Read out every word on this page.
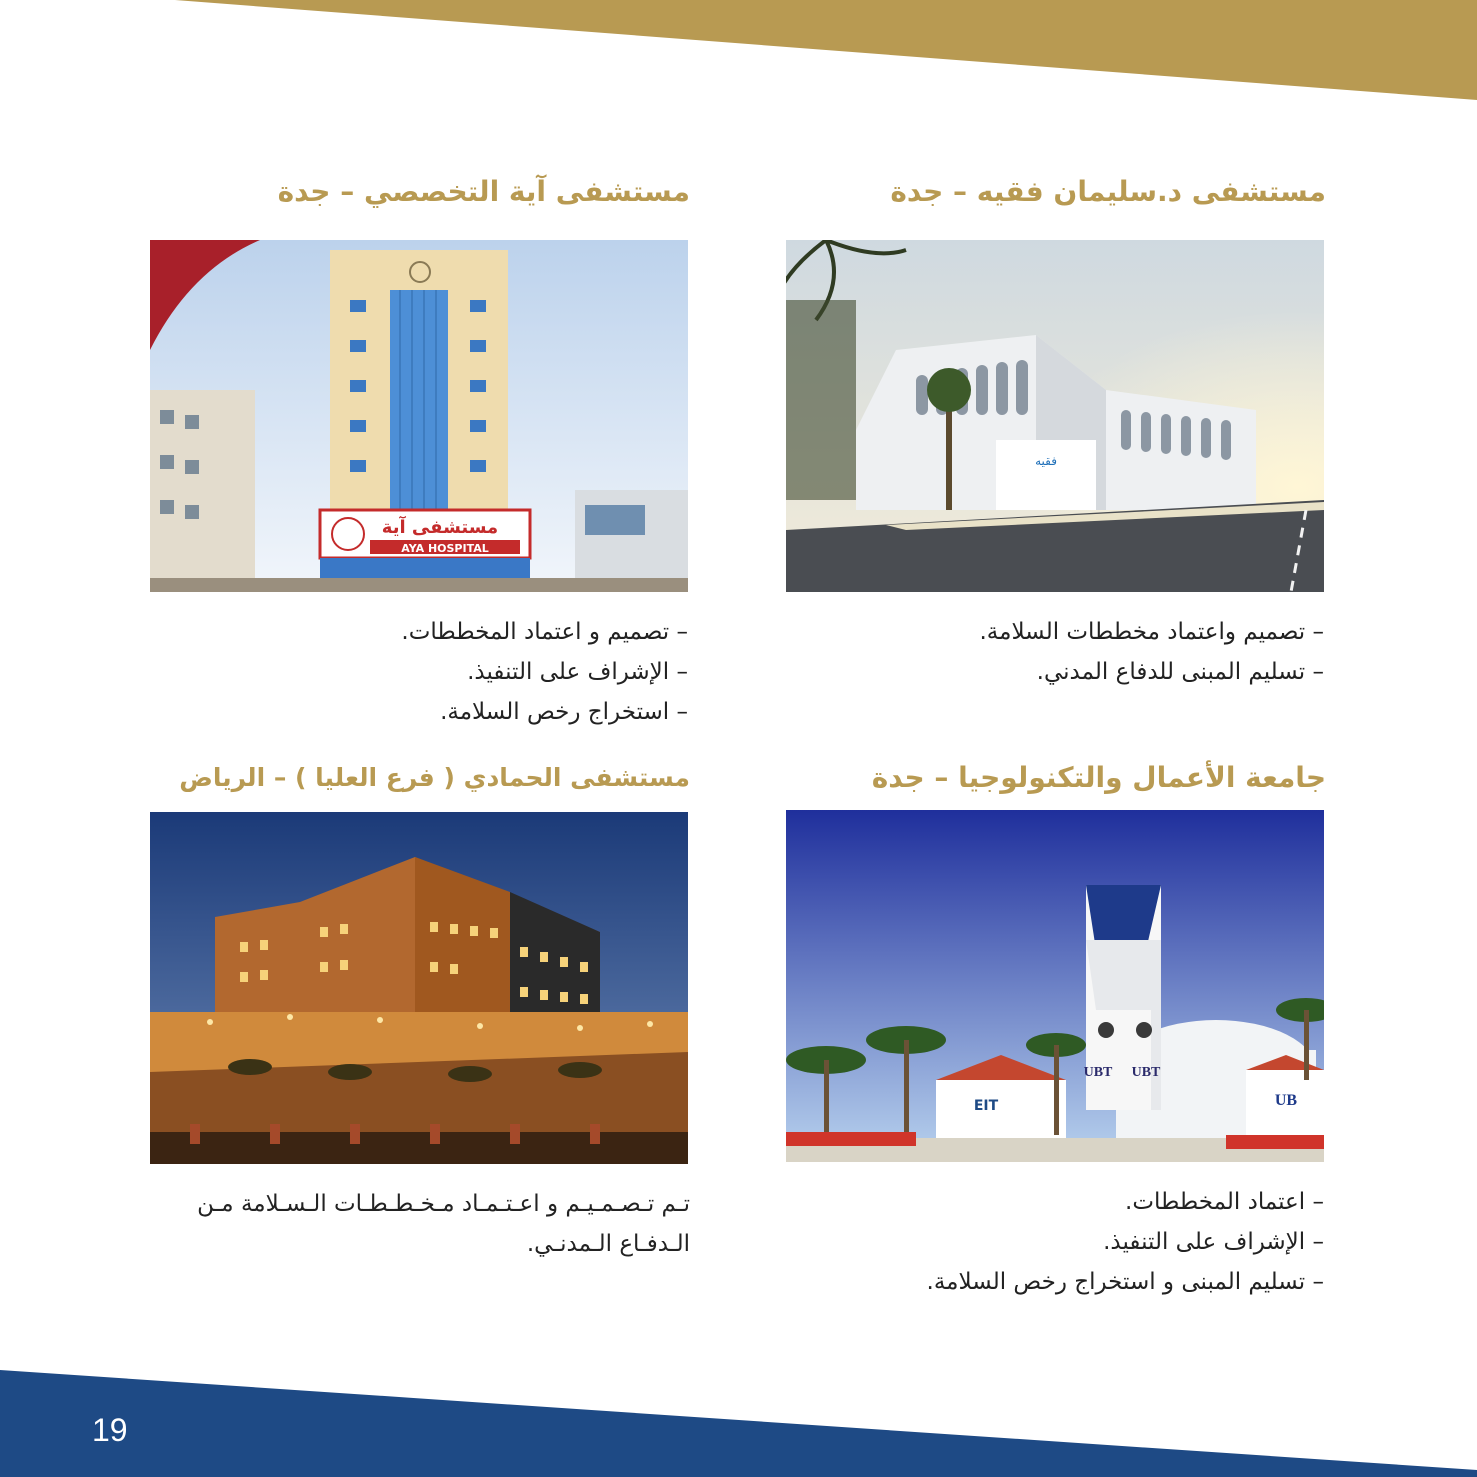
مستشفى د.سليمان فقيه – جدة
فقيه
– تصميم واعتماد مخططات السلامة.
– تسليم المبنى للدفاع المدني.
مستشفى آية التخصصي – جدة
مستشفى آية
AYA HOSPITAL
– تصميم و اعتماد المخططات.
– الإشراف على التنفيذ.
– استخراج رخص السلامة.
جامعة الأعمال والتكنولوجيا – جدة
UBT UBT
EIT	UB
– اعتماد المخططات.
– الإشراف على التنفيذ.
– تسليم المبنى و استخراج رخص السلامة.
مستشفى الحمادي ( فرع العليا ) – الرياض

تـم تـصـمـيـم و اعـتـمـاد مـخـطـطـات الـسـلامة مـن الـدفـاع الـمدنـي.

19
